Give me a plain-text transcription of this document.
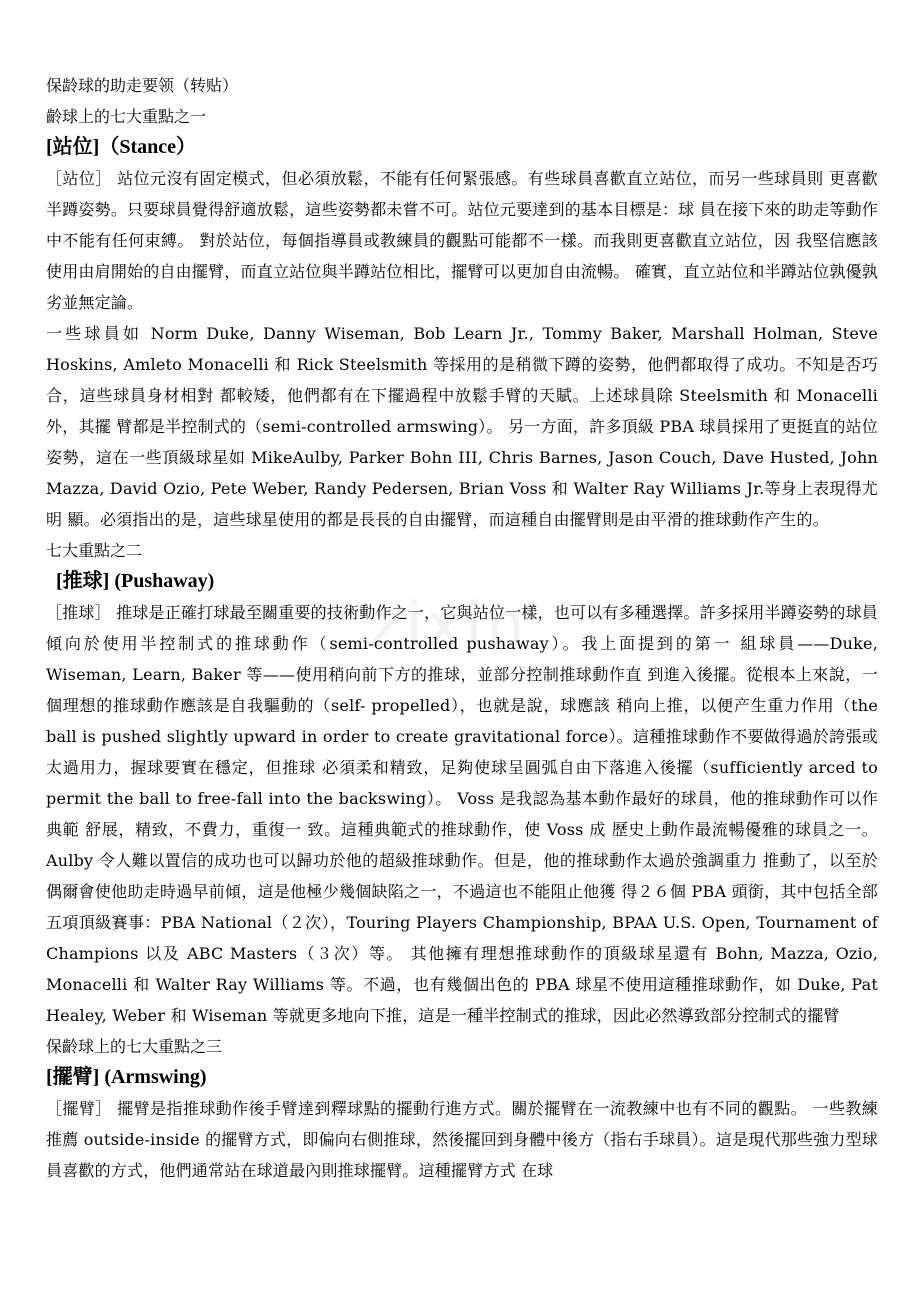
zixin

保龄球的助走要领（转贴）

齡球上的七大重點之一

[站位]（Stance）

［站位］ 站位元沒有固定模式，但必須放鬆，不能有任何緊張感。有些球員喜歡直立站位，而另一些球員則 更喜歡半蹲姿勢。只要球員覺得舒適放鬆，這些姿勢都未嘗不可。站位元要達到的基本目標是：球 員在接下來的助走等動作中不能有任何束縛。 對於站位，每個指導員或教練員的觀點可能都不一樣。而我則更喜歡直立站位，因 我堅信應該 使用由肩開始的自由擺臂，而直立站位與半蹲站位相比，擺臂可以更加自由流暢。 確實，直立站位和半蹲站位孰優孰劣並無定論。

一些球員如 Norm Duke, Danny Wiseman, Bob Learn Jr., Tommy Baker, Marshall Holman, Steve Hoskins, Amleto Monacelli 和 Rick Steelsmith 等採用的是稍微下蹲的姿勢，他們都取得了成功。不知是否巧合，這些球員身材相對 都較矮，他們都有在下擺過程中放鬆手臂的天賦。上述球員除 Steelsmith 和 Monacelli 外，其擺 臂都是半控制式的（semi-controlled armswing）。 另一方面，許多頂級 PBA 球員採用了更挺直的站位姿勢，這在一些頂級球星如 MikeAulby, Parker Bohn III, Chris Barnes, Jason Couch, Dave Husted, John Mazza, David Ozio, Pete Weber, Randy Pedersen, Brian Voss 和 Walter Ray Williams Jr.等身上表現得尤 明 顯。必須指出的是，這些球星使用的都是長長的自由擺臂，而這種自由擺臂則是由平滑的推球動作产生的。

七大重點之二

[推球] (Pushaway)

［推球］ 推球是正確打球最至關重要的技術動作之一，它與站位一樣，也可以有多種選擇。許多採用半蹲姿勢的球員傾向於使用半控制式的推球動作（semi-controlled pushaway）。我上面提到的第一 組球員——Duke, Wiseman, Learn, Baker 等——使用稍向前下方的推球，並部分控制推球動作直 到進入後擺。從根本上來說，一個理想的推球動作應該是自我驅動的（self- propelled），也就是說，球應該 稍向上推，以便产生重力作用（the ball is pushed slightly upward in order to create gravitational force）。這種推球動作不要做得過於誇張或太過用力，握球要實在穩定，但推球 必須柔和精致，足夠使球呈圓弧自由下落進入後擺（sufficiently arced to permit the ball to free-fall into the backswing）。 Voss 是我認為基本動作最好的球員，他的推球動作可以作 典範 舒展，精致，不費力，重復一 致。這種典範式的推球動作，使 Voss 成 歷史上動作最流暢優雅的球員之一。 Aulby 令人難以置信的成功也可以歸功於他的超級推球動作。但是，他的推球動作太過於強調重力 推動了，以至於偶爾會使他助走時過早前傾，這是他極少幾個缺陷之一，不過這也不能阻止他獲 得２６個 PBA 頭銜，其中包括全部五項頂級賽事：PBA National（２次），Touring Players Championship, BPAA U.S. Open, Tournament of Champions 以及 ABC Masters（３次）等。 其他擁有理想推球動作的頂級球星還有 Bohn, Mazza, Ozio, Monacelli 和 Walter Ray Williams 等。不過，也有幾個出色的 PBA 球星不使用這種推球動作，如 Duke, Pat Healey, Weber 和 Wiseman 等就更多地向下推，這是一種半控制式的推球，因此必然導致部分控制式的擺臂

保齡球上的七大重點之三

[擺臂] (Armswing)

［擺臂］ 擺臂是指推球動作後手臂達到釋球點的擺動行進方式。關於擺臂在一流教練中也有不同的觀點。 一些教練推薦 outside-inside 的擺臂方式，即偏向右側推球，然後擺回到身體中後方（指右手球員）。這是現代那些強力型球員喜歡的方式，他們通常站在球道最內則推球擺臂。這種擺臂方式 在球
